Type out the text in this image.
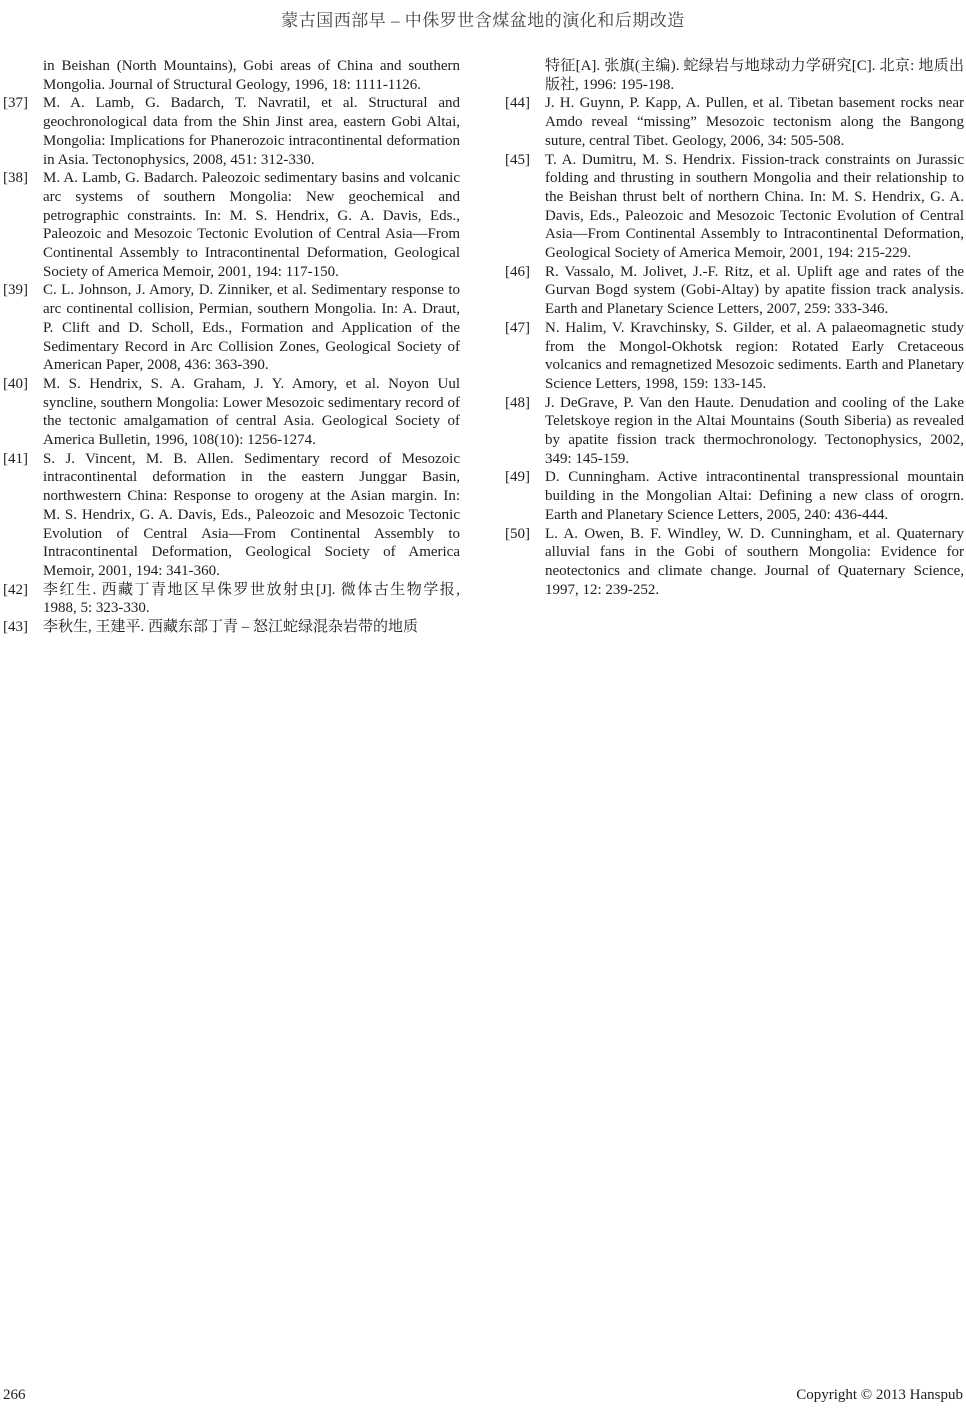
蒙古国西部早 – 中侏罗世含煤盆地的演化和后期改造

in Beishan (North Mountains), Gobi areas of China and southern Mongolia. Journal of Structural Geology, 1996, 18: 1111-1126.

[37]	M. A. Lamb, G. Badarch, T. Navratil, et al. Structural and geochronological data from the Shin Jinst area, eastern Gobi Altai, Mongolia: Implications for Phanerozoic intracontinental deformation in Asia. Tectonophysics, 2008, 451: 312-330.

[38]	M. A. Lamb, G. Badarch. Paleozoic sedimentary basins and volcanic arc systems of southern Mongolia: New geochemical and petrographic constraints. In: M. S. Hendrix, G. A. Davis, Eds., Paleozoic and Mesozoic Tectonic Evolution of Central Asia—From Continental Assembly to Intracontinental Deformation, Geological Society of America Memoir, 2001, 194: 117-150.

[39]	C. L. Johnson, J. Amory, D. Zinniker, et al. Sedimentary response to arc continental collision, Permian, southern Mongolia. In: A. Draut, P. Clift and D. Scholl, Eds., Formation and Application of the Sedimentary Record in Arc Collision Zones, Geological Society of American Paper, 2008, 436: 363-390.

[40]	M. S. Hendrix, S. A. Graham, J. Y. Amory, et al. Noyon Uul syncline, southern Mongolia: Lower Mesozoic sedimentary record of the tectonic amalgamation of central Asia. Geological Society of America Bulletin, 1996, 108(10): 1256-1274.

[41]	S. J. Vincent, M. B. Allen. Sedimentary record of Mesozoic intracontinental deformation in the eastern Junggar Basin, northwestern China: Response to orogeny at the Asian margin. In: M. S. Hendrix, G. A. Davis, Eds., Paleozoic and Mesozoic Tectonic Evolution of Central Asia—From Continental Assembly to Intracontinental Deformation, Geological Society of America Memoir, 2001, 194: 341-360.

[42]	李红生. 西藏丁青地区早侏罗世放射虫[J]. 微体古生物学报, 1988, 5: 323-330.

[43]	李秋生, 王建平. 西藏东部丁青 – 怒江蛇绿混杂岩带的地质

特征[A]. 张旗(主编). 蛇绿岩与地球动力学研究[C]. 北京: 地质出版社, 1996: 195-198.

[44]	J. H. Guynn, P. Kapp, A. Pullen, et al. Tibetan basement rocks near Amdo reveal “missing” Mesozoic tectonism along the Bangong suture, central Tibet. Geology, 2006, 34: 505-508.

[45]	T. A. Dumitru, M. S. Hendrix. Fission-track constraints on Jurassic folding and thrusting in southern Mongolia and their relationship to the Beishan thrust belt of northern China. In: M. S. Hendrix, G. A. Davis, Eds., Paleozoic and Mesozoic Tectonic Evolution of Central Asia—From Continental Assembly to Intracontinental Deformation, Geological Society of America Memoir, 2001, 194: 215-229.

[46]	R. Vassalo, M. Jolivet, J.-F. Ritz, et al. Uplift age and rates of the Gurvan Bogd system (Gobi-Altay) by apatite fission track analysis. Earth and Planetary Science Letters, 2007, 259: 333-346.

[47]	N. Halim, V. Kravchinsky, S. Gilder, et al. A palaeomagnetic study from the Mongol-Okhotsk region: Rotated Early Cretaceous volcanics and remagnetized Mesozoic sediments. Earth and Planetary Science Letters, 1998, 159: 133-145.

[48]	J. DeGrave, P. Van den Haute. Denudation and cooling of the Lake Teletskoye region in the Altai Mountains (South Siberia) as revealed by apatite fission track thermochronology. Tectonophysics, 2002, 349: 145-159.

[49]	D. Cunningham. Active intracontinental transpressional mountain building in the Mongolian Altai: Defining a new class of orogrn. Earth and Planetary Science Letters, 2005, 240: 436-444.

[50]	L. A. Owen, B. F. Windley, W. D. Cunningham, et al. Quaternary alluvial fans in the Gobi of southern Mongolia: Evidence for neotectonics and climate change. Journal of Quaternary Science, 1997, 12: 239-252.

266	Copyright © 2013 Hanspub
